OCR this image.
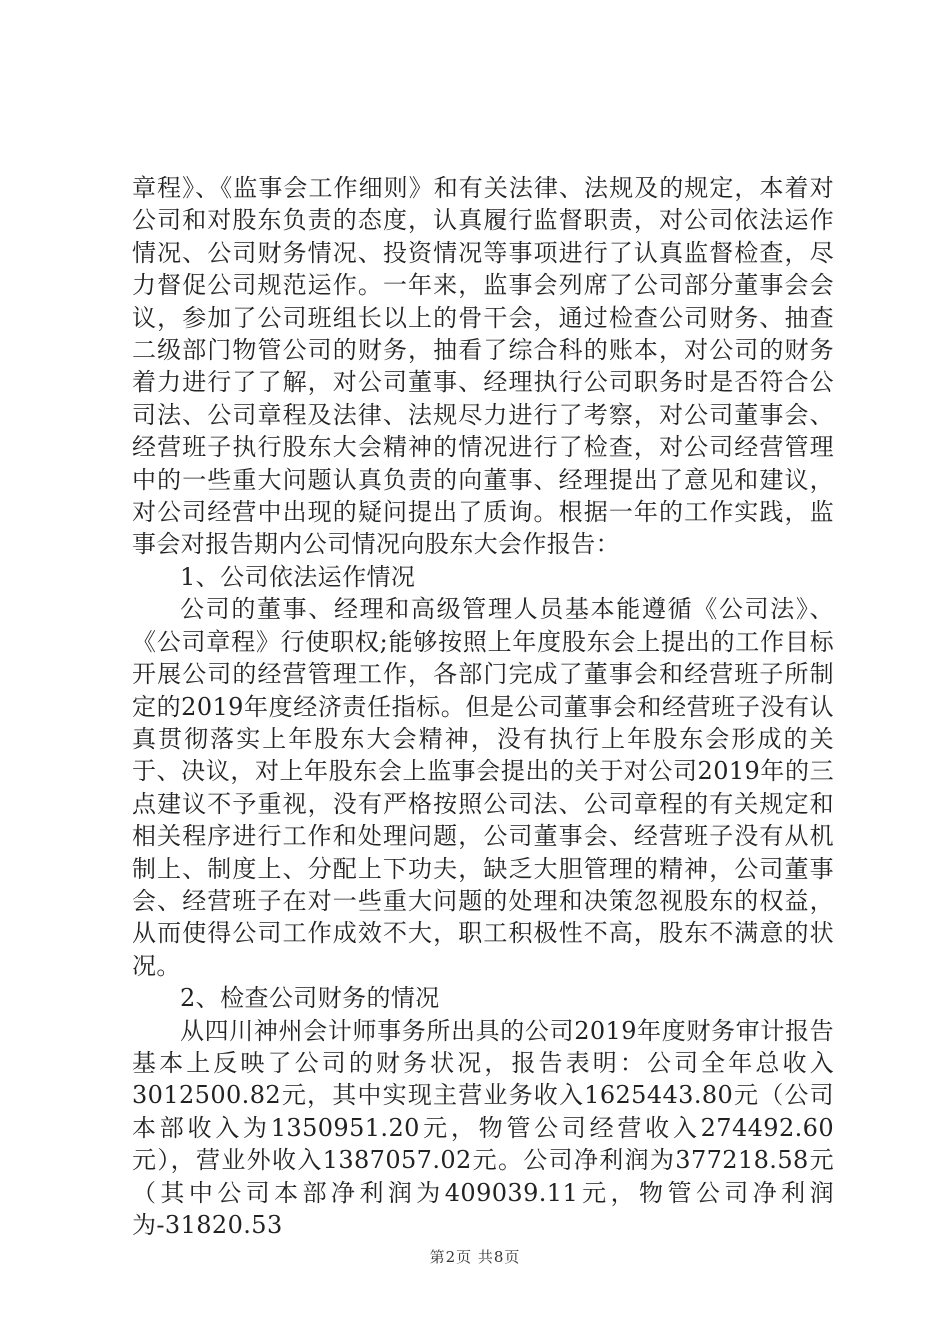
章程》、《监事会工作细则》和有关法律、法规及的规定，本着对公司和对股东负责的态度，认真履行监督职责，对公司依法运作情况、公司财务情况、投资情况等事项进行了认真监督检查，尽力督促公司规范运作。一年来，监事会列席了公司部分董事会会议，参加了公司班组长以上的骨干会，通过检查公司财务、抽查二级部门物管公司的财务，抽看了综合科的账本，对公司的财务着力进行了了解，对公司董事、经理执行公司职务时是否符合公司法、公司章程及法律、法规尽力进行了考察，对公司董事会、经营班子执行股东大会精神的情况进行了检查，对公司经营管理中的一些重大问题认真负责的向董事、经理提出了意见和建议，对公司经营中出现的疑问提出了质询。根据一年的工作实践，监事会对报告期内公司情况向股东大会作报告：

1、公司依法运作情况

公司的董事、经理和高级管理人员基本能遵循《公司法》、《公司章程》行使职权;能够按照上年度股东会上提出的工作目标开展公司的经营管理工作，各部门完成了董事会和经营班子所制定的2019年度经济责任指标。但是公司董事会和经营班子没有认真贯彻落实上年股东大会精神，没有执行上年股东会形成的关于、决议，对上年股东会上监事会提出的关于对公司2019年的三点建议不予重视，没有严格按照公司法、公司章程的有关规定和相关程序进行工作和处理问题，公司董事会、经营班子没有从机制上、制度上、分配上下功夫，缺乏大胆管理的精神，公司董事会、经营班子在对一些重大问题的处理和决策忽视股东的权益，从而使得公司工作成效不大，职工积极性不高，股东不满意的状况。

2、检查公司财务的情况

从四川神州会计师事务所出具的公司2019年度财务审计报告基本上反映了公司的财务状况，报告表明：公司全年总收入3012500.82元，其中实现主营业务收入1625443.80元（公司本部收入为1350951.20元，物管公司经营收入274492.60元），营业外收入1387057.02元。公司净利润为377218.58元（其中公司本部净利润为409039.11元，物管公司净利润为-31820.53

第2页 共8页
